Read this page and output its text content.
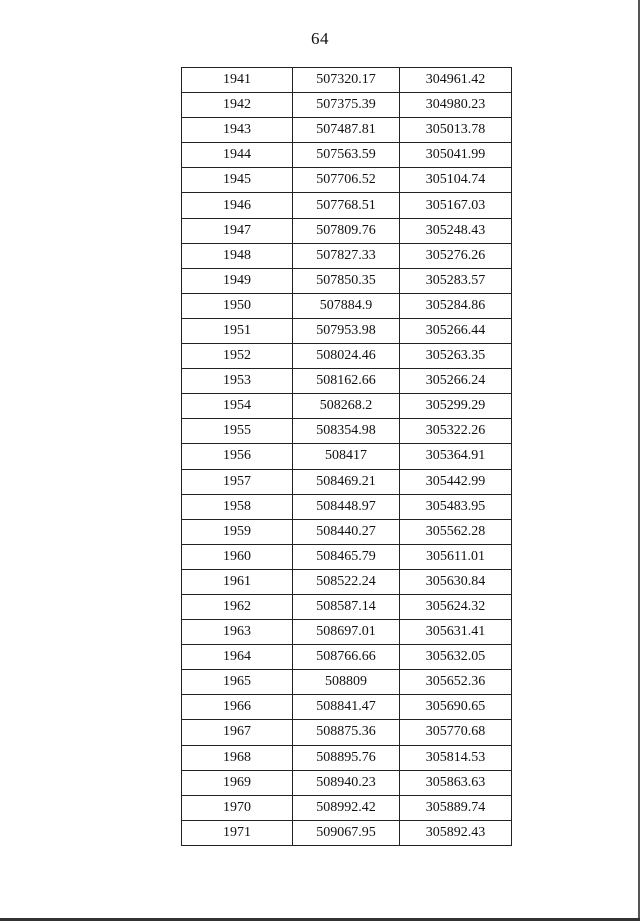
64
1941	507320.17	304961.42
1942	507375.39	304980.23
1943	507487.81	305013.78
1944	507563.59	305041.99
1945	507706.52	305104.74
1946	507768.51	305167.03
1947	507809.76	305248.43
1948	507827.33	305276.26
1949	507850.35	305283.57
1950	507884.9	305284.86
1951	507953.98	305266.44
1952	508024.46	305263.35
1953	508162.66	305266.24
1954	508268.2	305299.29
1955	508354.98	305322.26
1956	508417	305364.91
1957	508469.21	305442.99
1958	508448.97	305483.95
1959	508440.27	305562.28
1960	508465.79	305611.01
1961	508522.24	305630.84
1962	508587.14	305624.32
1963	508697.01	305631.41
1964	508766.66	305632.05
1965	508809	305652.36
1966	508841.47	305690.65
1967	508875.36	305770.68
1968	508895.76	305814.53
1969	508940.23	305863.63
1970	508992.42	305889.74
1971	509067.95	305892.43
